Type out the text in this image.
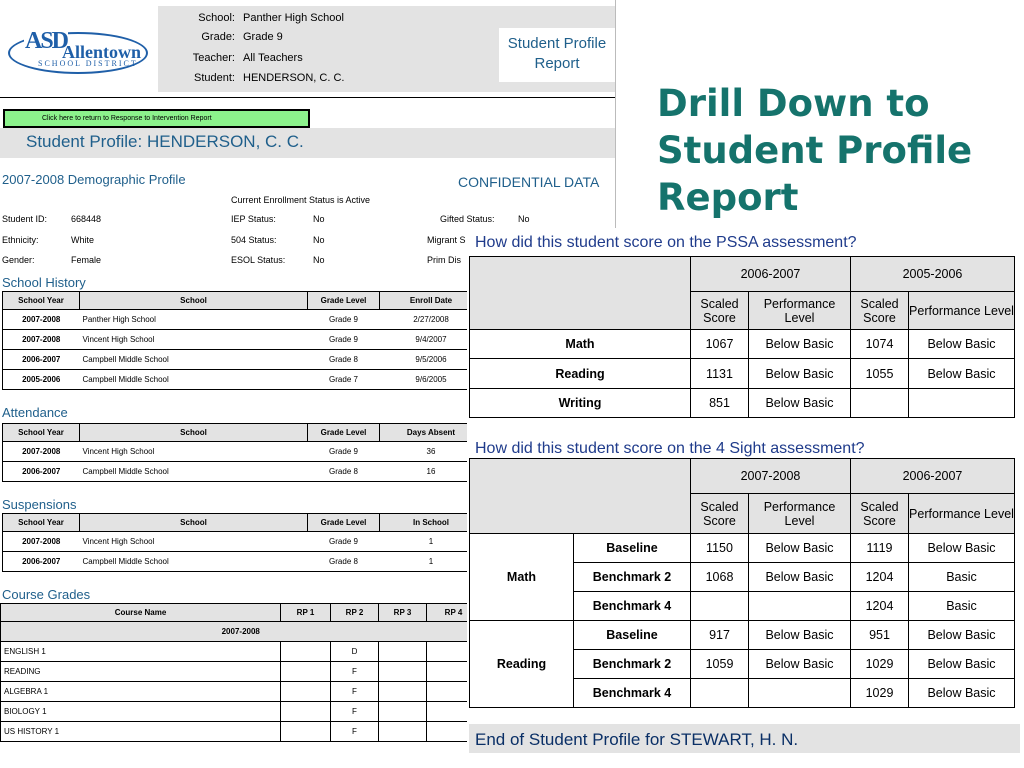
ASD
Allentown
SCHOOL DISTRICT
School: Panther High School
Grade: Grade 9
Teacher: All Teachers
Student: HENDERSON, C. C.
Student Profile
Report
Click here to return to Response to Intervention Report
Student Profile: HENDERSON, C. C.
2007-2008 Demographic Profile	CONFIDENTIAL DATA
Current Enrollment Status is Active
Student ID:	668448
Ethnicity:	White
Gender:	Female
IEP Status:	No
504 Status:	No
ESOL Status:	No
Gifted Status:	No
Migrant S
Prim Dis
School History
School Year	School	Grade Level	Enroll Date
2007-2008	Panther High School	Grade 9	2/27/2008
2007-2008	Vincent High School	Grade 9	9/4/2007
2006-2007	Campbell Middle School	Grade 8	9/5/2006
2005-2006	Campbell Middle School	Grade 7	9/6/2005
Attendance
School Year	School	Grade Level	Days Absent
2007-2008	Vincent High School	Grade 9	36
2006-2007	Campbell Middle School	Grade 8	16
Suspensions
School Year	School	Grade Level	In School
2007-2008	Vincent High School	Grade 9	1
2006-2007	Campbell Middle School	Grade 8	1
Course Grades
Course Name	RP 1	RP 2	RP 3	RP 4
2007-2008				
ENGLISH 1		D		
READING		F		
ALGEBRA 1		F		
BIOLOGY 1		F		
US HISTORY 1		F		
Drill Down to
Student Profile
Report
How did this student score on the PSSA assessment?
	2006-2007		2005-2006	
	Scaled Score	Performance Level	Scaled Score	Performance Level
Math	1067	Below Basic	1074	Below Basic
Reading	1131	Below Basic	1055	Below Basic
Writing	851	Below Basic		
How did this student score on the 4 Sight assessment?
		2007-2008		2006-2007	
		Scaled Score	Performance Level	Scaled Score	Performance Level
Math	Baseline	1150	Below Basic	1119	Below Basic
	Benchmark 2	1068	Below Basic	1204	Basic
	Benchmark 4			1204	Basic
Reading	Baseline	917	Below Basic	951	Below Basic
	Benchmark 2	1059	Below Basic	1029	Below Basic
	Benchmark 4			1029	Below Basic
End of Student Profile for STEWART, H. N.
